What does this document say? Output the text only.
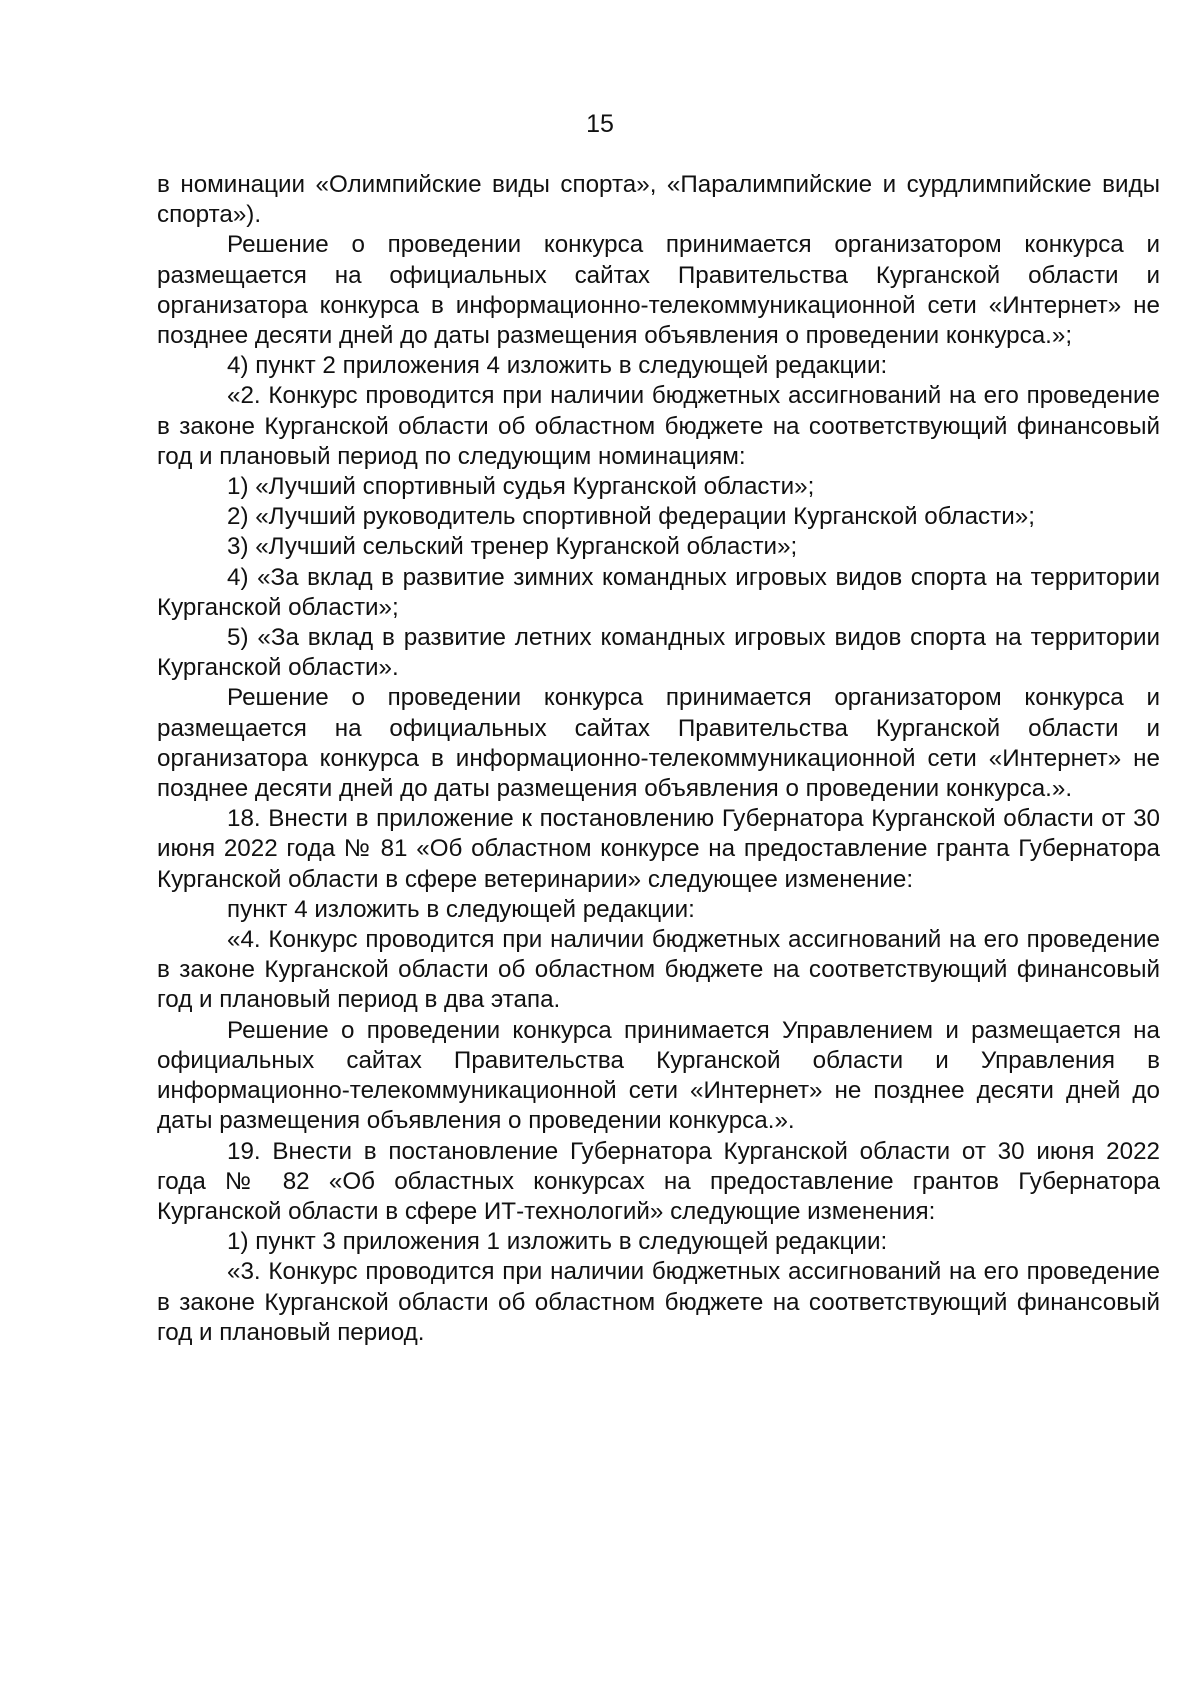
15

в номинации «Олимпийские виды спорта», «Паралимпийские и сурдлимпийские виды спорта»).

Решение о проведении конкурса принимается организатором конкурса и размещается на официальных сайтах Правительства Курганской области и организатора конкурса в информационно-телекоммуникационной сети «Интернет» не позднее десяти дней до даты размещения объявления о проведении конкурса.»;

4) пункт 2 приложения 4 изложить в следующей редакции:

«2. Конкурс проводится при наличии бюджетных ассигнований на его проведение в законе Курганской области об областном бюджете на соответствующий финансовый год и плановый период по следующим номинациям:

1) «Лучший спортивный судья Курганской области»;

2) «Лучший руководитель спортивной федерации Курганской области»;

3) «Лучший сельский тренер Курганской области»;

4) «За вклад в развитие зимних командных игровых видов спорта на территории Курганской области»;

5) «За вклад в развитие летних командных игровых видов спорта на территории Курганской области».

Решение о проведении конкурса принимается организатором конкурса и размещается на официальных сайтах Правительства Курганской области и организатора конкурса в информационно-телекоммуникационной сети «Интернет» не позднее десяти дней до даты размещения объявления о проведении конкурса.».

18. Внести в приложение к постановлению Губернатора Курганской области от 30 июня 2022 года № 81 «Об областном конкурсе на предоставление гранта Губернатора Курганской области в сфере ветеринарии» следующее изменение:

пункт 4 изложить в следующей редакции:

«4. Конкурс проводится при наличии бюджетных ассигнований на его проведение в законе Курганской области об областном бюджете на соответствующий финансовый год и плановый период в два этапа.

Решение о проведении конкурса принимается Управлением и размещается на официальных сайтах Правительства Курганской области и Управления в информационно-телекоммуникационной сети «Интернет» не позднее десяти дней до даты размещения объявления о проведении конкурса.».

19. Внести в постановление Губернатора Курганской области от 30 июня 2022 года № 82 «Об областных конкурсах на предоставление грантов Губернатора Курганской области в сфере ИТ-технологий» следующие изменения:

1) пункт 3 приложения 1 изложить в следующей редакции:

«3. Конкурс проводится при наличии бюджетных ассигнований на его проведение в законе Курганской области об областном бюджете на соответствующий финансовый год и плановый период.
